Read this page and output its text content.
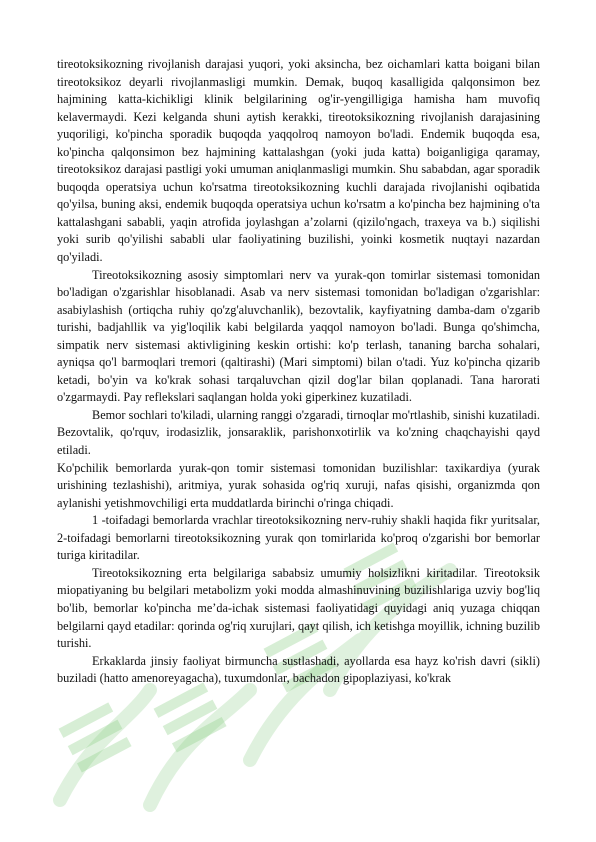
≡
≡
≡
≡

tireotoksikozning rivojlanish darajasi yuqori, yoki aksincha, bez oichamlari katta boigani bilan tireotoksikoz deyarli rivojlanmasligi mumkin. Demak, buqoq kasalligida qalqonsimon bez hajmining katta-kichikligi klinik belgilarining og'ir-yengilligiga hamisha ham muvofiq kelavermaydi. Kezi kelganda shuni aytish kerakki, tireotoksikozning rivojlanish darajasining yuqoriligi, ko'pincha sporadik buqoqda yaqqolroq namoyon bo'ladi. Endemik buqoqda esa, ko'pincha qalqonsimon bez hajmining kattalashgan (yoki juda katta) boiganligiga qaramay, tireotoksikoz darajasi pastligi yoki umuman aniqlanmasligi mumkin. Shu sababdan, agar sporadik buqoqda operatsiya uchun ko'rsatma tireotoksikozning kuchli darajada rivojlanishi oqibatida qo'yilsa, buning aksi, endemik buqoqda operatsiya uchun ko'rsatm a ko'pincha bez hajmining o'ta kattalashgani sababli, yaqin atrofida joylashgan a’zolarni (qizilo'ngach, traxeya va b.) siqilishi yoki surib qo'yilishi sababli ular faoliyatining buzilishi, yoinki kosmetik nuqtayi nazardan qo'yiladi.

Tireotoksikozning asosiy simptomlari nerv va yurak-qon tomirlar sistemasi tomonidan bo'ladigan o'zgarishlar hisoblanadi. Asab va nerv sistemasi tomonidan bo'ladigan o'zgarishlar: asabiylashish (ortiqcha ruhiy qo'zg'aluvchanlik), bezovtalik, kayfiyatning damba-dam o'zgarib turishi, badjahllik va yig'loqilik kabi belgilarda yaqqol namoyon bo'ladi. Bunga qo'shimcha, simpatik nerv sistemasi aktivligining keskin ortishi: ko'p terlash, tananing barcha sohalari, ayniqsa qo'l barmoqlari tremori (qaltirashi) (Mari simptomi) bilan o'tadi. Yuz ko'pincha qizarib ketadi, bo'yin va ko'krak sohasi tarqaluvchan qizil dog'lar bilan qoplanadi. Tana harorati o'zgarmaydi. Pay reflekslari saqlangan holda yoki giperkinez kuzatiladi.

Bemor sochlari to'kiladi, ularning ranggi o'zgaradi, tirnoqlar mo'rtlashib, sinishi kuzatiladi. Bezovtalik, qo'rquv, irodasizlik, jonsaraklik, parishonxotirlik va ko'zning chaqchayishi qayd etiladi.

Ko'pchilik bemorlarda yurak-qon tomir sistemasi tomonidan buzilishlar: taxikardiya (yurak urishining tezlashishi), aritmiya, yurak sohasida og'riq xuruji, nafas qisishi, organizmda qon aylanishi yetishmovchiligi erta muddatlarda birinchi o'ringa chiqadi.

1 -toifadagi bemorlarda vrachlar tireotoksikozning nerv-ruhiy shakli haqida fikr yuritsalar, 2-toifadagi bemorlarni tireotoksikozning yurak qon tomirlarida ko'proq o'zgarishi bor bemorlar turiga kiritadilar.

Tireotoksikozning erta belgilariga sababsiz umumiy holsizlikni kiritadilar. Tireotoksik miopatiyaning bu belgilari metabolizm yoki modda almashinuvining buzilishlariga uzviy bog'liq bo'lib, bemorlar ko'pincha me’da-ichak sistemasi faoliyatidagi quyidagi aniq yuzaga chiqqan belgilarni qayd etadilar: qorinda og'riq xurujlari, qayt qilish, ich ketishga moyillik, ichning buzilib turishi.

Erkaklarda jinsiy faoliyat birmuncha sustlashadi, ayollarda esa hayz ko'rish davri (sikli) buziladi (hatto amenoreyagacha), tuxumdonlar, bachadon gipoplaziyasi, ko'krak
